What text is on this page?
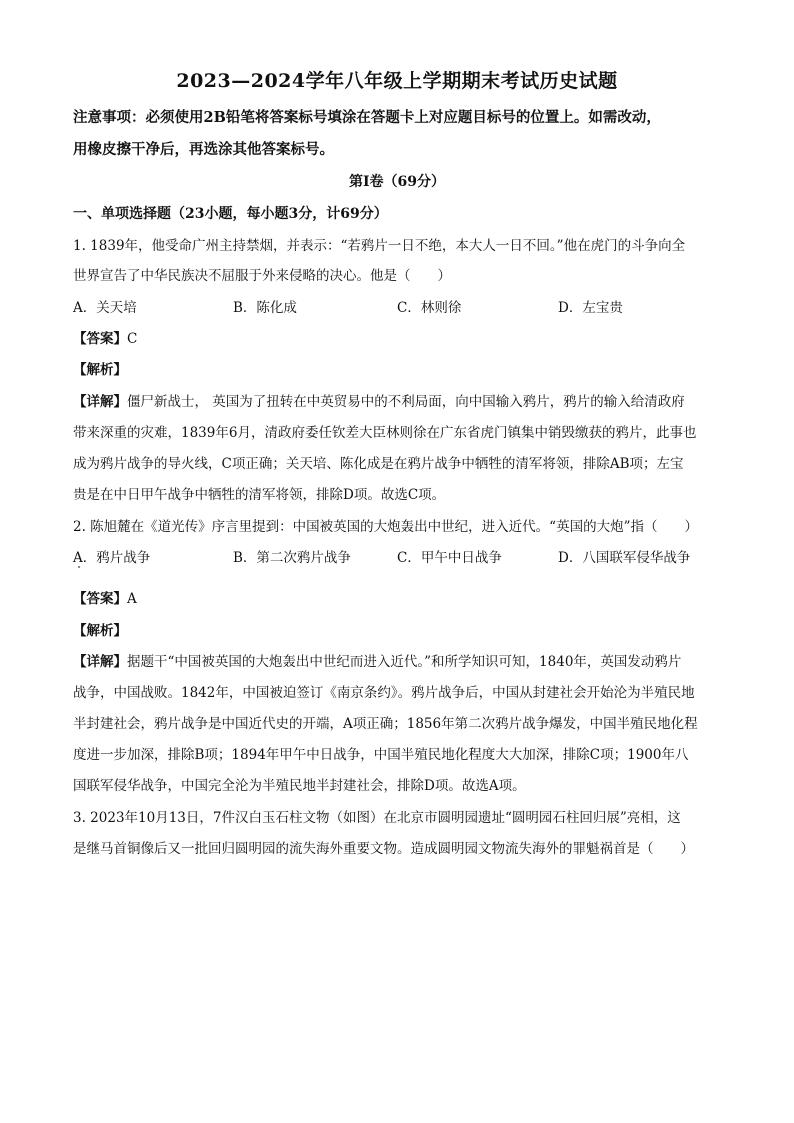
2023—2024学年八年级上学期期末考试历史试题
注意事项：必须使用2B铅笔将答案标号填涂在答题卡上对应题目标号的位置上。如需改动，
用橡皮擦干净后，再选涂其他答案标号。
第Ⅰ卷（69分）
一、单项选择题（23小题，每小题3分，计69分）
1. 1839年，他受命广州主持禁烟，并表示：“若鸦片一日不绝，本大人一日不回。”他在虎门的斗争向全
世界宣告了中华民族决不屈服于外来侵略的决心。他是（　　）
A．关天培	B．陈化成	C．林则徐	D．左宝贵
【答案】C
【解析】
【详解】僵尸新战士， 英国为了扭转在中英贸易中的不利局面，向中国输入鸦片，鸦片的输入给清政府
带来深重的灾难，1839年6月，清政府委任钦差大臣林则徐在广东省虎门镇集中销毁缴获的鸦片，此事也
成为鸦片战争的导火线，C项正确；关天培、陈化成是在鸦片战争中牺牲的清军将领，排除AB项；左宝
贵是在中日甲午战争中牺牲的清军将领，排除D项。故选C项。
2. 陈旭麓在《道光传》序言里提到：中国被英国的大炮轰出中世纪，进入近代。“英国的大炮”指（　　）
A．鸦片战争	B．第二次鸦片战争	C．甲午中日战争	D．八国联军侵华战争
【答案】A
【解析】
【详解】据题干“中国被英国的大炮轰出中世纪而进入近代。”和所学知识可知，1840年，英国发动鸦片
战争，中国战败。1842年，中国被迫签订《南京条约》。鸦片战争后，中国从封建社会开始沦为半殖民地
半封建社会，鸦片战争是中国近代史的开端，A项正确；1856年第二次鸦片战争爆发，中国半殖民地化程
度进一步加深，排除B项；1894年甲午中日战争，中国半殖民地化程度大大加深，排除C项；1900年八
国联军侵华战争，中国完全沦为半殖民地半封建社会，排除D项。故选A项。
3. 2023年10月13日，7件汉白玉石柱文物（如图）在北京市圆明园遗址“圆明园石柱回归展”亮相，这
是继马首铜像后又一批回归圆明园的流失海外重要文物。造成圆明园文物流失海外的罪魁祸首是（　　）
